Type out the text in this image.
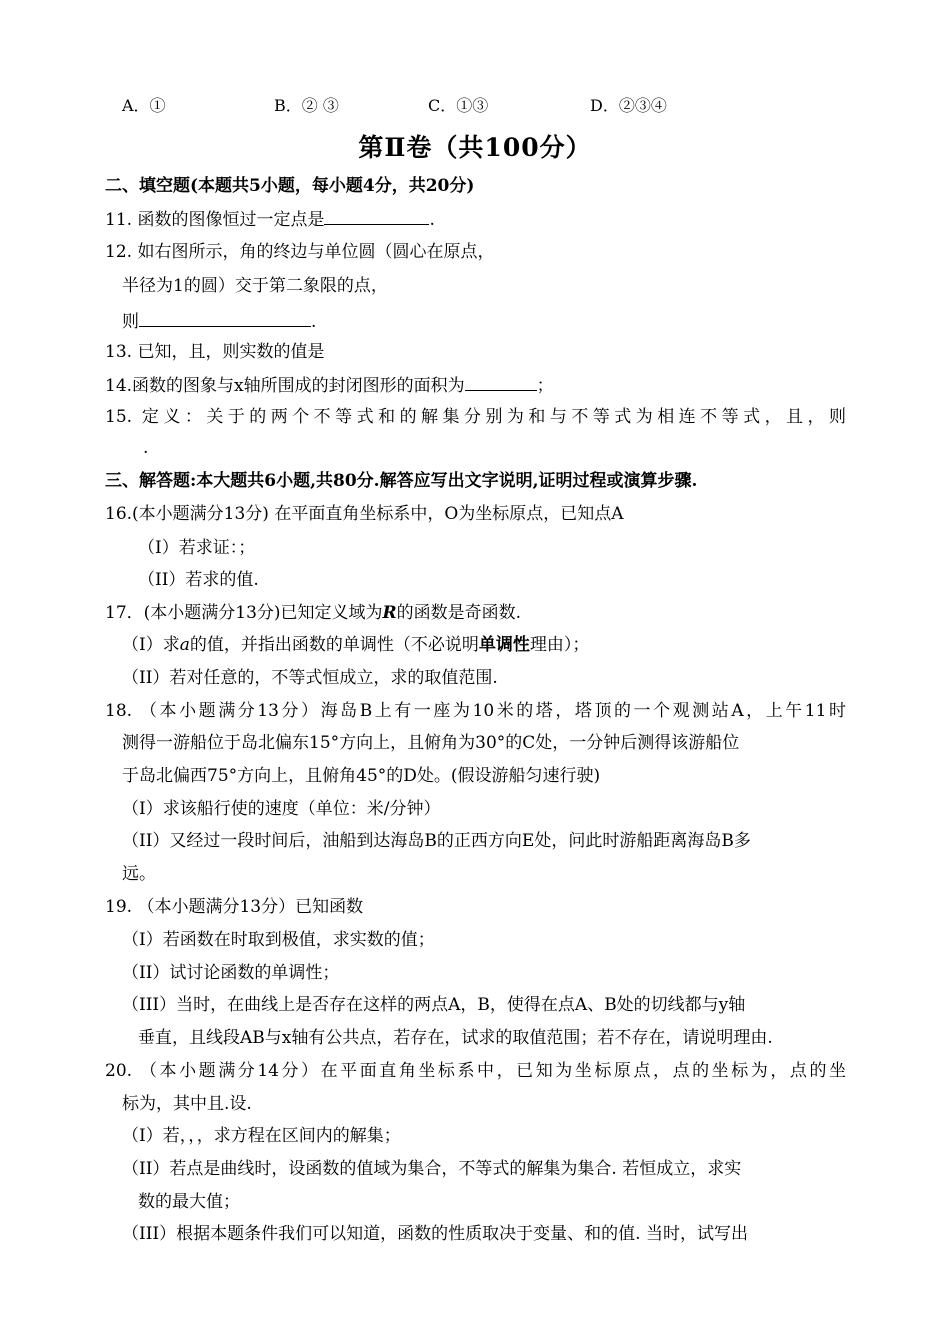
A．①	B．② ③	C．①③	D．②③④
第Ⅱ卷（共100分）
二、填空题(本题共5小题，每小题4分，共20分)
11. 函数的图像恒过一定点是	.
12. 如右图所示，角的终边与单位圆（圆心在原点，
半径为1的圆）交于第二象限的点，
则	.
13. 已知，且，则实数的值是
14.函数的图象与x轴所围成的封闭图形的面积为	；
15. 定义：关于的两个不等式和的解集分别为和与不等式为相连不等式，且，则
.
三、解答题:本大题共6小题,共80分.解答应写出文字说明,证明过程或演算步骤.
16.(本小题满分13分) 在平面直角坐标系中，O为坐标原点，已知点A
（I）若求证：；
（II）若求的值.
17．(本小题满分13分)已知定义域为R的函数是奇函数.
（I）求a的值，并指出函数的单调性（不必说明单调性理由）；
（II）若对任意的，不等式恒成立，求的取值范围.
18. （本小题满分13分）海岛B上有一座为10米的塔，塔顶的一个观测站A，上午11时
测得一游船位于岛北偏东15°方向上，且俯角为30°的C处，一分钟后测得该游船位
于岛北偏西75°方向上，且俯角45°的D处。(假设游船匀速行驶)
（I）求该船行使的速度（单位：米/分钟）
（II）又经过一段时间后，油船到达海岛B的正西方向E处，问此时游船距离海岛B多
远。
19. （本小题满分13分）已知函数
（I）若函数在时取到极值，求实数的值；
（II）试讨论函数的单调性；
（III）当时，在曲线上是否存在这样的两点A，B，使得在点A、B处的切线都与y轴
垂直，且线段AB与x轴有公共点，若存在，试求的取值范围；若不存在，请说明理由.
20. （本小题满分14分）在平面直角坐标系中，已知为坐标原点，点的坐标为，点的坐
标为，其中且.设.
（I）若，，，求方程在区间内的解集；
（II）若点是曲线时，设函数的值域为集合，不等式的解集为集合. 若恒成立，求实
数的最大值；
（III）根据本题条件我们可以知道，函数的性质取决于变量、和的值. 当时，试写出
